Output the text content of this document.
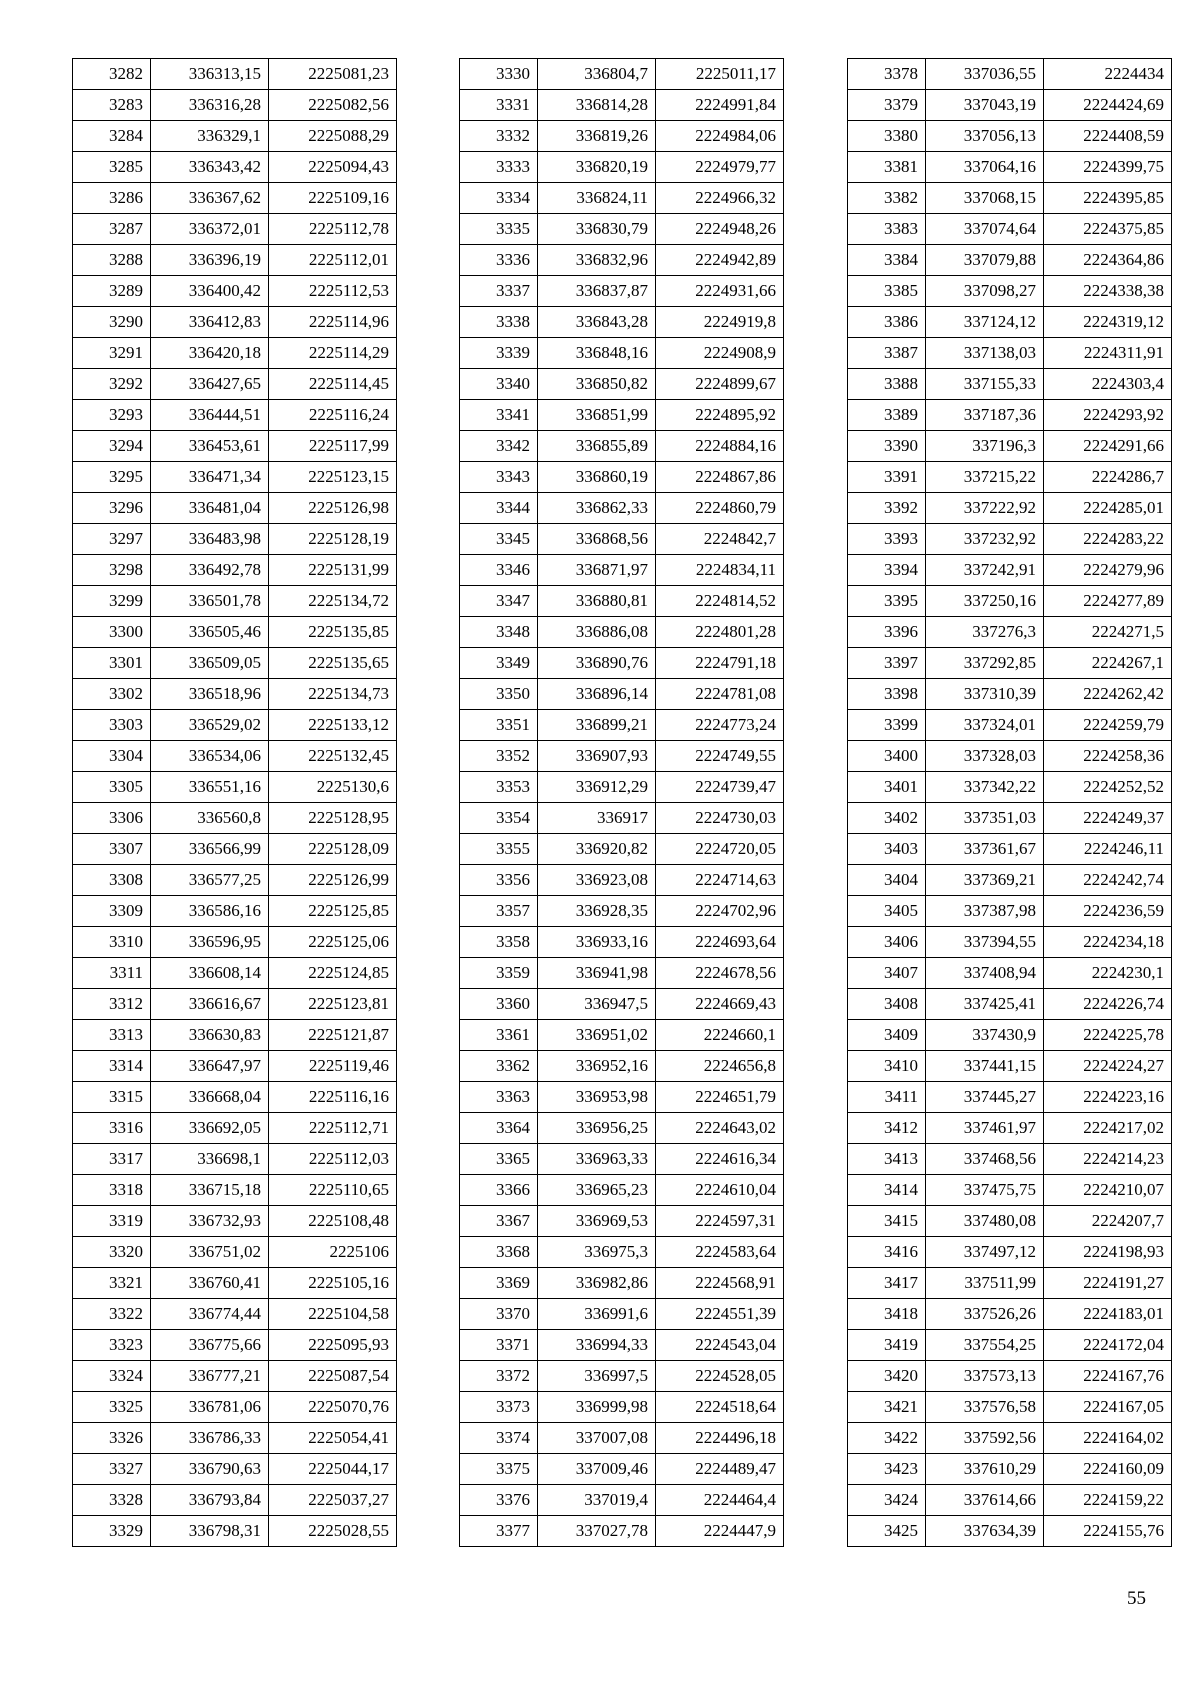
3282	336313,15	2225081,23
3283	336316,28	2225082,56
3284	336329,1	2225088,29
3285	336343,42	2225094,43
3286	336367,62	2225109,16
3287	336372,01	2225112,78
3288	336396,19	2225112,01
3289	336400,42	2225112,53
3290	336412,83	2225114,96
3291	336420,18	2225114,29
3292	336427,65	2225114,45
3293	336444,51	2225116,24
3294	336453,61	2225117,99
3295	336471,34	2225123,15
3296	336481,04	2225126,98
3297	336483,98	2225128,19
3298	336492,78	2225131,99
3299	336501,78	2225134,72
3300	336505,46	2225135,85
3301	336509,05	2225135,65
3302	336518,96	2225134,73
3303	336529,02	2225133,12
3304	336534,06	2225132,45
3305	336551,16	2225130,6
3306	336560,8	2225128,95
3307	336566,99	2225128,09
3308	336577,25	2225126,99
3309	336586,16	2225125,85
3310	336596,95	2225125,06
3311	336608,14	2225124,85
3312	336616,67	2225123,81
3313	336630,83	2225121,87
3314	336647,97	2225119,46
3315	336668,04	2225116,16
3316	336692,05	2225112,71
3317	336698,1	2225112,03
3318	336715,18	2225110,65
3319	336732,93	2225108,48
3320	336751,02	2225106
3321	336760,41	2225105,16
3322	336774,44	2225104,58
3323	336775,66	2225095,93
3324	336777,21	2225087,54
3325	336781,06	2225070,76
3326	336786,33	2225054,41
3327	336790,63	2225044,17
3328	336793,84	2225037,27
3329	336798,31	2225028,55
3330	336804,7	2225011,17
3331	336814,28	2224991,84
3332	336819,26	2224984,06
3333	336820,19	2224979,77
3334	336824,11	2224966,32
3335	336830,79	2224948,26
3336	336832,96	2224942,89
3337	336837,87	2224931,66
3338	336843,28	2224919,8
3339	336848,16	2224908,9
3340	336850,82	2224899,67
3341	336851,99	2224895,92
3342	336855,89	2224884,16
3343	336860,19	2224867,86
3344	336862,33	2224860,79
3345	336868,56	2224842,7
3346	336871,97	2224834,11
3347	336880,81	2224814,52
3348	336886,08	2224801,28
3349	336890,76	2224791,18
3350	336896,14	2224781,08
3351	336899,21	2224773,24
3352	336907,93	2224749,55
3353	336912,29	2224739,47
3354	336917	2224730,03
3355	336920,82	2224720,05
3356	336923,08	2224714,63
3357	336928,35	2224702,96
3358	336933,16	2224693,64
3359	336941,98	2224678,56
3360	336947,5	2224669,43
3361	336951,02	2224660,1
3362	336952,16	2224656,8
3363	336953,98	2224651,79
3364	336956,25	2224643,02
3365	336963,33	2224616,34
3366	336965,23	2224610,04
3367	336969,53	2224597,31
3368	336975,3	2224583,64
3369	336982,86	2224568,91
3370	336991,6	2224551,39
3371	336994,33	2224543,04
3372	336997,5	2224528,05
3373	336999,98	2224518,64
3374	337007,08	2224496,18
3375	337009,46	2224489,47
3376	337019,4	2224464,4
3377	337027,78	2224447,9
3378	337036,55	2224434
3379	337043,19	2224424,69
3380	337056,13	2224408,59
3381	337064,16	2224399,75
3382	337068,15	2224395,85
3383	337074,64	2224375,85
3384	337079,88	2224364,86
3385	337098,27	2224338,38
3386	337124,12	2224319,12
3387	337138,03	2224311,91
3388	337155,33	2224303,4
3389	337187,36	2224293,92
3390	337196,3	2224291,66
3391	337215,22	2224286,7
3392	337222,92	2224285,01
3393	337232,92	2224283,22
3394	337242,91	2224279,96
3395	337250,16	2224277,89
3396	337276,3	2224271,5
3397	337292,85	2224267,1
3398	337310,39	2224262,42
3399	337324,01	2224259,79
3400	337328,03	2224258,36
3401	337342,22	2224252,52
3402	337351,03	2224249,37
3403	337361,67	2224246,11
3404	337369,21	2224242,74
3405	337387,98	2224236,59
3406	337394,55	2224234,18
3407	337408,94	2224230,1
3408	337425,41	2224226,74
3409	337430,9	2224225,78
3410	337441,15	2224224,27
3411	337445,27	2224223,16
3412	337461,97	2224217,02
3413	337468,56	2224214,23
3414	337475,75	2224210,07
3415	337480,08	2224207,7
3416	337497,12	2224198,93
3417	337511,99	2224191,27
3418	337526,26	2224183,01
3419	337554,25	2224172,04
3420	337573,13	2224167,76
3421	337576,58	2224167,05
3422	337592,56	2224164,02
3423	337610,29	2224160,09
3424	337614,66	2224159,22
3425	337634,39	2224155,76
55
